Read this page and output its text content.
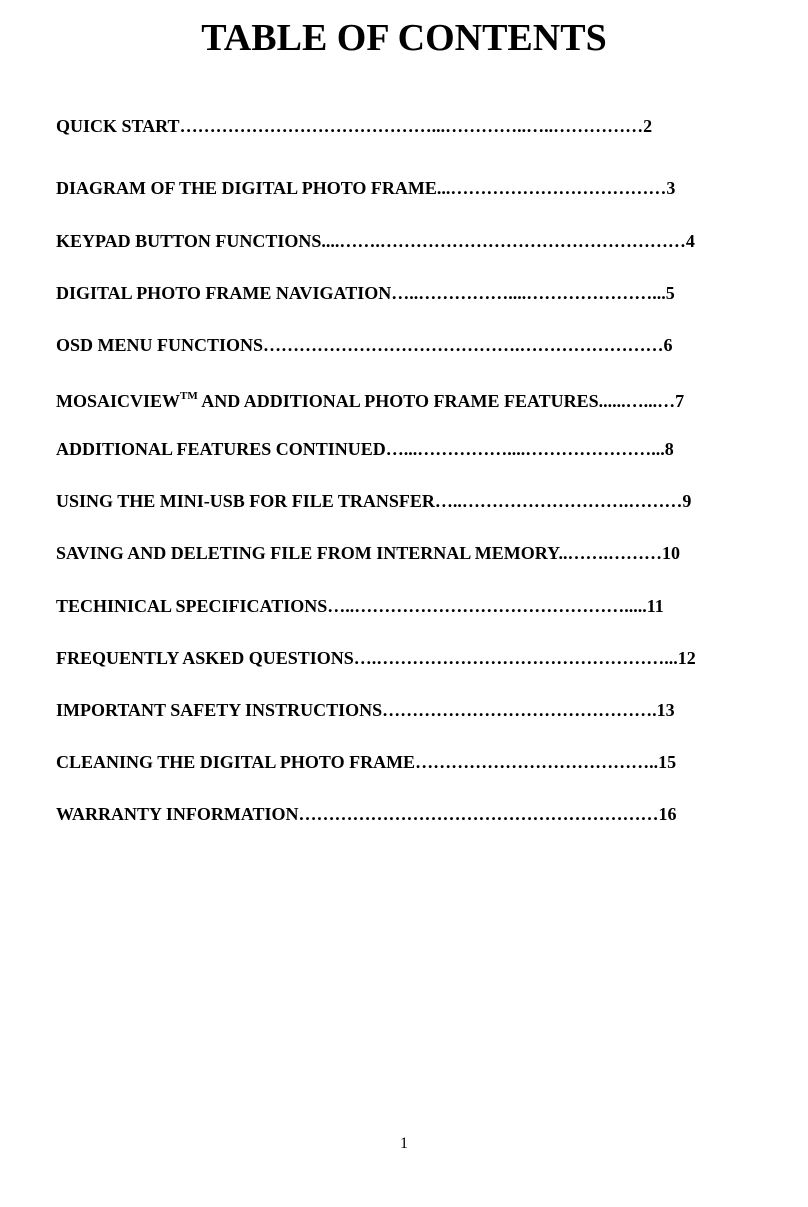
TABLE OF CONTENTS
QUICK START……………………………………...…………..…..……………2
DIAGRAM OF THE DIGITAL PHOTO FRAME...………………………………3
KEYPAD BUTTON FUNCTIONS....…….……………………………………………4
DIGITAL PHOTO FRAME NAVIGATION…..……………....…………………...5
OSD MENU FUNCTIONS…………………………………….……………………6
MOSAICVIEW™ AND ADDITIONAL PHOTO FRAME FEATURES......…...…7
ADDITIONAL FEATURES CONTINUED…...……………....…………………...8
USING THE MINI-USB FOR FILE TRANSFER…..……………………….………9
SAVING AND DELETING FILE FROM INTERNAL MEMORY..…….………10
TECHINICAL SPECIFICATIONS…..……………………………………….....11
FREQUENTLY ASKED QUESTIONS….…………………………………………...12
IMPORTANT SAFETY INSTRUCTIONS……………………………………….13
CLEANING THE DIGITAL PHOTO FRAME…………………………………..15
WARRANTY INFORMATION……………………………………………………16
1
